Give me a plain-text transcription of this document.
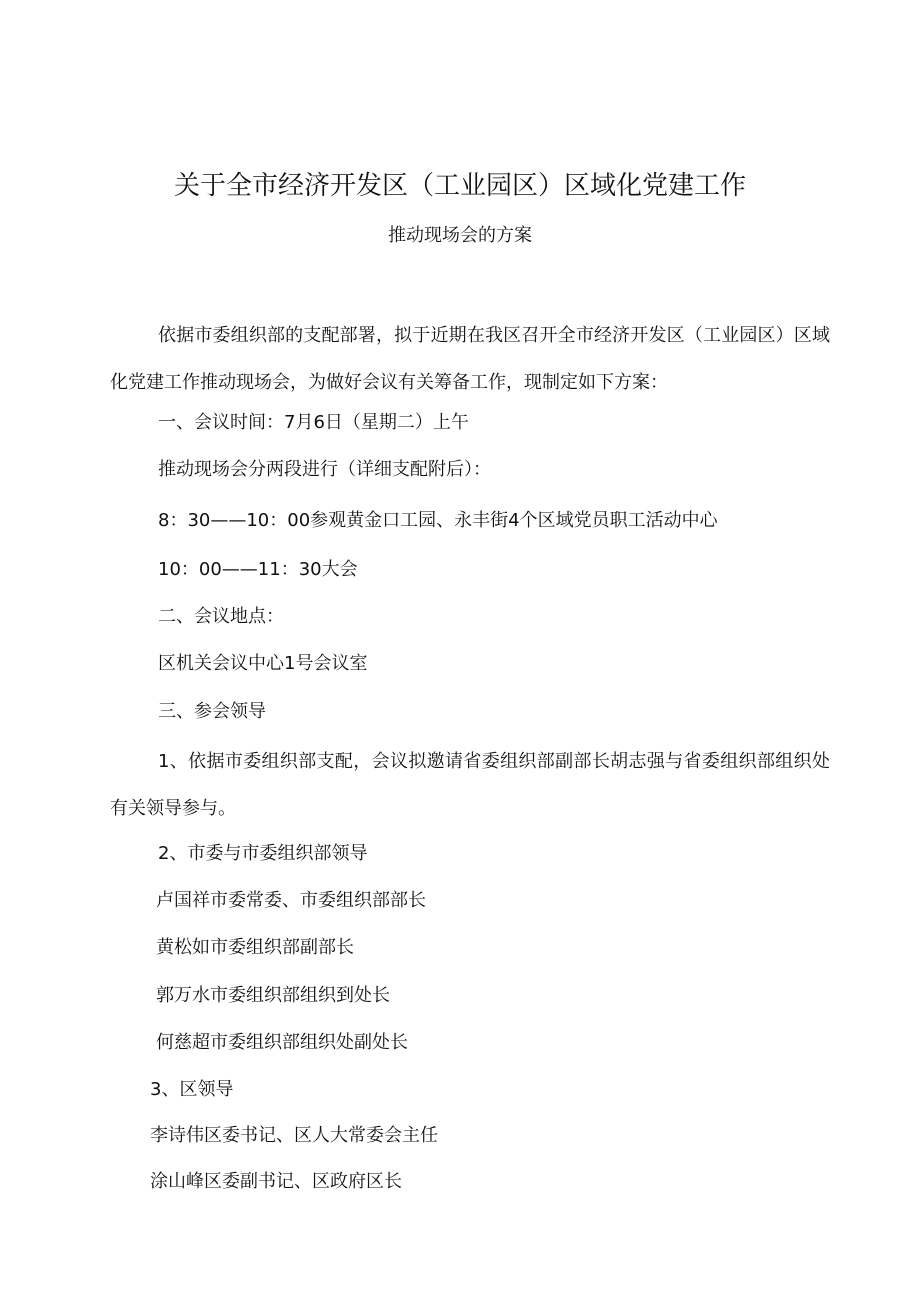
关于全市经济开发区（工业园区）区域化党建工作

推动现场会的方案

依据市委组织部的支配部署，拟于近期在我区召开全市经济开发区（工业园区）区域化党建工作推动现场会，为做好会议有关筹备工作，现制定如下方案：

一、会议时间：7月6日（星期二）上午

推动现场会分两段进行（详细支配附后）：

8：30——10：00参观黄金口工园、永丰街4个区域党员职工活动中心

10：00——11：30大会

二、会议地点：

区机关会议中心1号会议室

三、参会领导

1、依据市委组织部支配，会议拟邀请省委组织部副部长胡志强与省委组织部组织处有关领导参与。

2、市委与市委组织部领导

卢国祥市委常委、市委组织部部长

黄松如市委组织部副部长

郭万水市委组织部组织到处长

何慈超市委组织部组织处副处长

3、区领导

李诗伟区委书记、区人大常委会主任

涂山峰区委副书记、区政府区长
